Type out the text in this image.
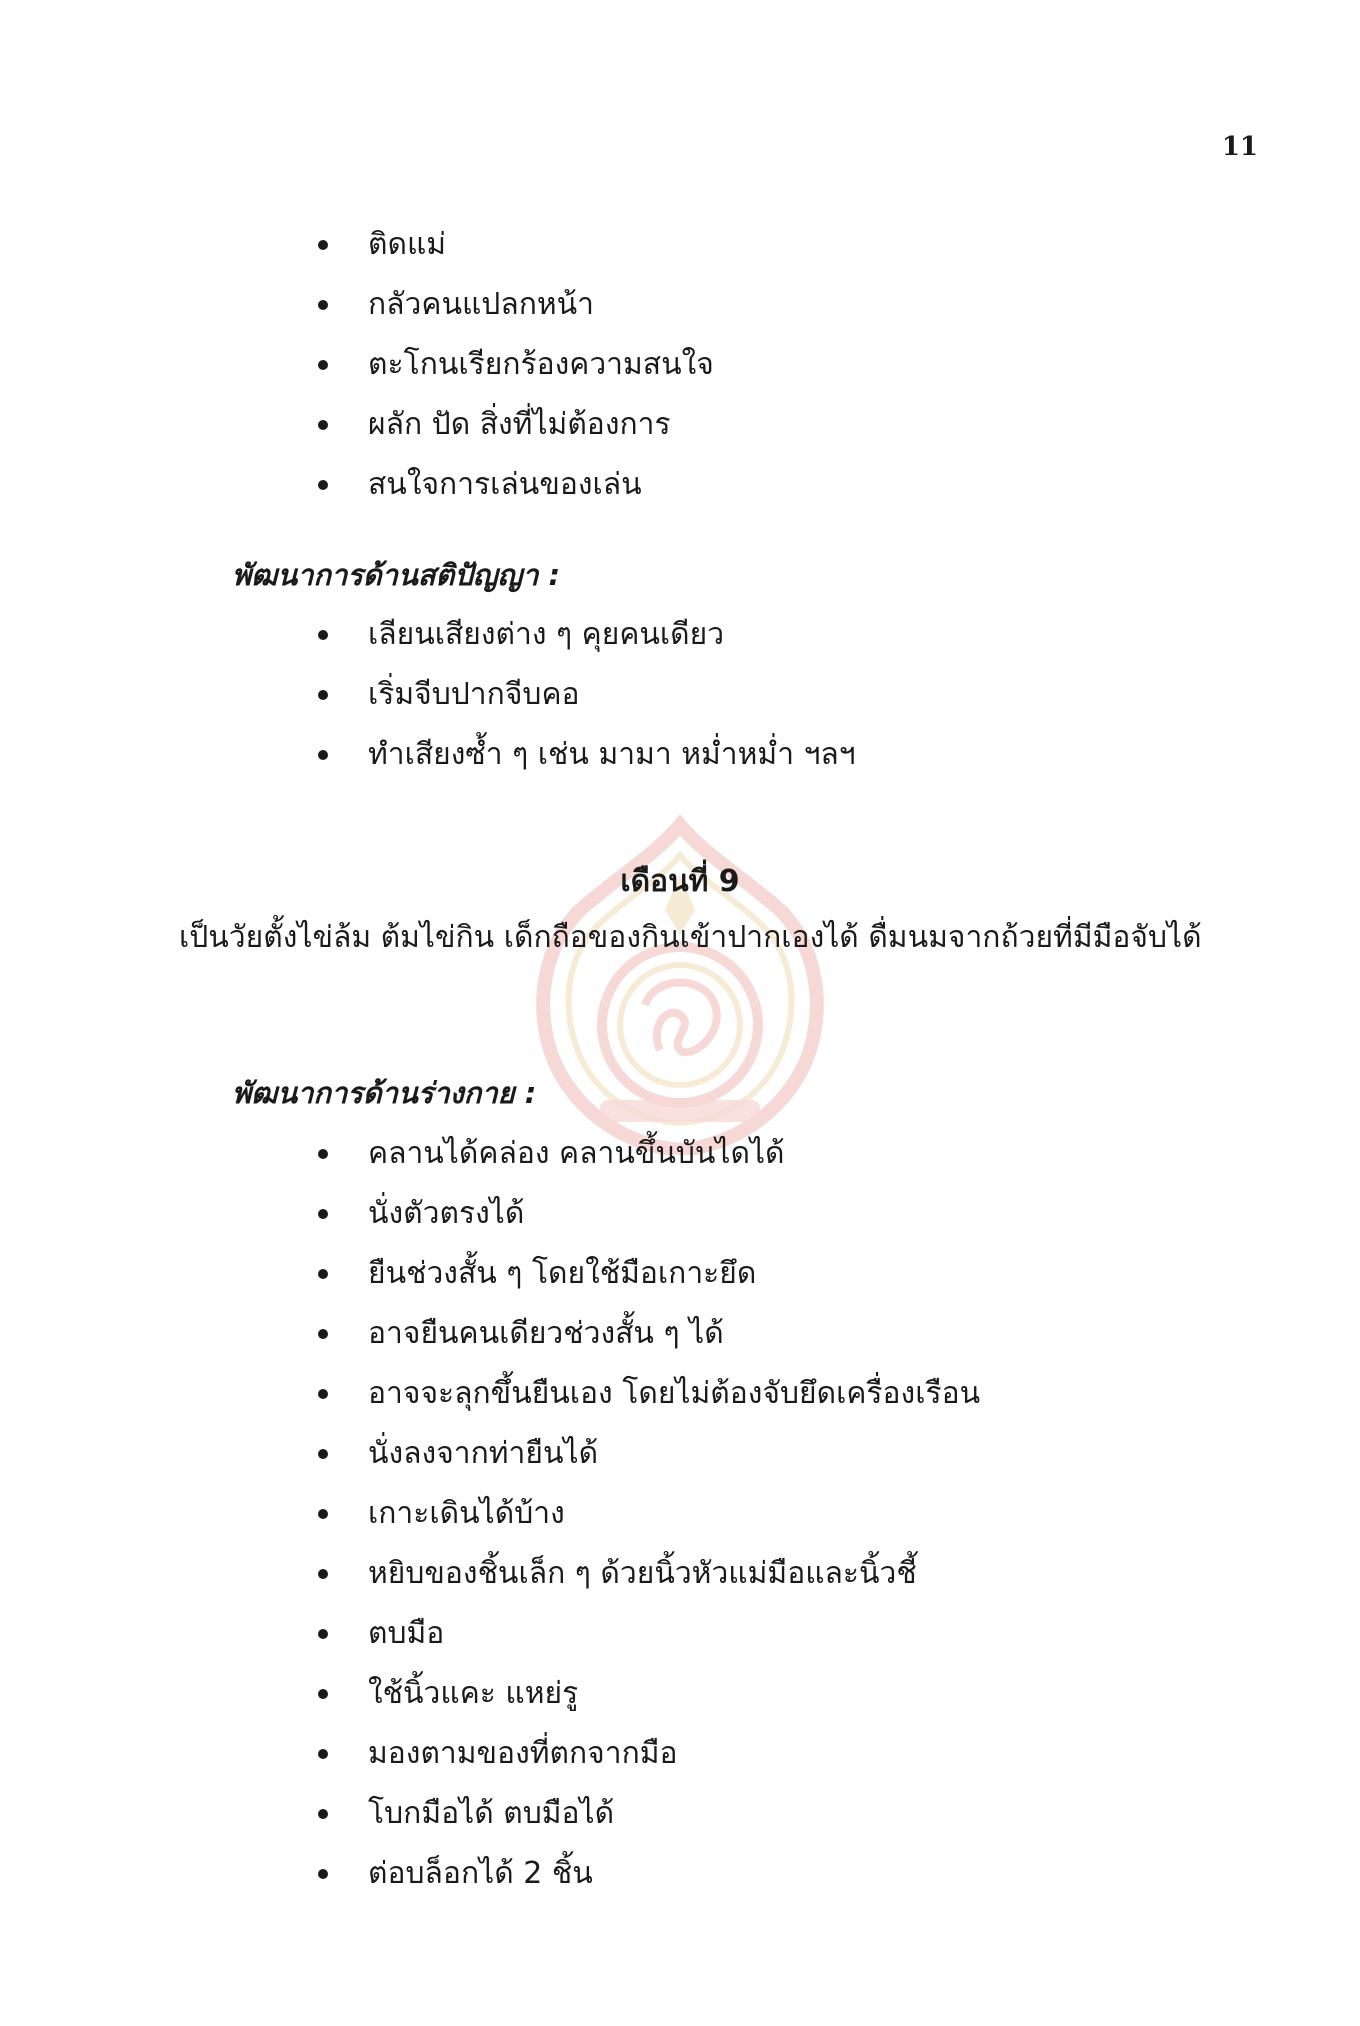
11
ติดแม่
กลัวคนแปลกหน้า
ตะโกนเรียกร้องความสนใจ
ผลัก ปัด สิ่งที่ไม่ต้องการ
สนใจการเล่นของเล่น
พัฒนาการด้านสติปัญญา :
เลียนเสียงต่าง ๆ คุยคนเดียว
เริ่มจีบปากจีบคอ
ทำเสียงซ้ำ ๆ เช่น มามา หม่ำหม่ำ ฯลฯ
เดือนที่ 9
เป็นวัยตั้งไข่ล้ม ต้มไข่กิน เด็กถือของกินเข้าปากเองได้ ดื่มนมจากถ้วยที่มีมือจับได้
พัฒนาการด้านร่างกาย :
คลานได้คล่อง คลานขึ้นบันไดได้
นั่งตัวตรงได้
ยืนช่วงสั้น ๆ โดยใช้มือเกาะยึด
อาจยืนคนเดียวช่วงสั้น ๆ ได้
อาจจะลุกขึ้นยืนเอง โดยไม่ต้องจับยึดเครื่องเรือน
นั่งลงจากท่ายืนได้
เกาะเดินได้บ้าง
หยิบของชิ้นเล็ก ๆ ด้วยนิ้วหัวแม่มือและนิ้วชี้
ตบมือ
ใช้นิ้วแคะ แหย่รู
มองตามของที่ตกจากมือ
โบกมือได้ ตบมือได้
ต่อบล็อกได้ 2 ชิ้น
